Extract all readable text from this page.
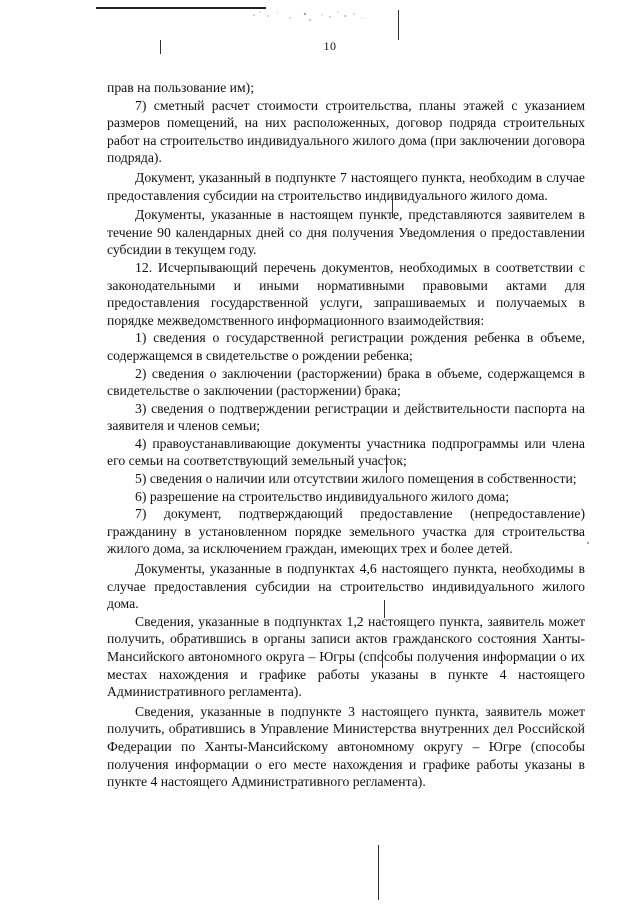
10

прав на пользование им);

7) сметный расчет стоимости строительства, планы этажей с указанием размеров помещений, на них расположенных, договор подряда строительных работ на строительство индивидуального жилого дома (при заключении договора подряда).

Документ, указанный в подпункте 7 настоящего пункта, необходим в случае предоставления субсидии на строительство индивидуального жилого дома.

Документы, указанные в настоящем пункте, представляются заявителем в течение 90 календарных дней со дня получения Уведомления о предоставлении субсидии в текущем году.

12. Исчерпывающий перечень документов, необходимых в соответствии с законодательными и иными нормативными правовыми актами для предоставления государственной услуги, запрашиваемых и получаемых в порядке межведомственного информационного взаимодействия:

1) сведения о государственной регистрации рождения ребенка в объеме, содержащемся в свидетельстве о рождении ребенка;

2) сведения о заключении (расторжении) брака в объеме, содержащемся в свидетельстве о заключении (расторжении) брака;

3) сведения о подтверждении регистрации и действительности паспорта на заявителя и членов семьи;

4) правоустанавливающие документы участника подпрограммы или члена его семьи на соответствующий земельный участок;

5) сведения о наличии или отсутствии жилого помещения в собственности;

6) разрешение на строительство индивидуального жилого дома;

7) документ, подтверждающий предоставление (непредоставление) гражданину в установленном порядке земельного участка для строительства жилого дома, за исключением граждан, имеющих трех и более детей.

Документы, указанные в подпунктах 4,6 настоящего пункта, необходимы в случае предоставления субсидии на строительство индивидуального жилого дома.

Сведения, указанные в подпунктах 1,2 настоящего пункта, заявитель может получить, обратившись в органы записи актов гражданского состояния Ханты-Мансийского автономного округа – Югры (способы получения информации о их местах нахождения и графике работы указаны в пункте 4 настоящего Административного регламента).

Сведения, указанные в подпункте 3 настоящего пункта, заявитель может получить, обратившись в Управление Министерства внутренних дел Российской Федерации по Ханты-Мансийскому автономному округу – Югре (способы получения информации о его месте нахождения и графике работы указаны в пункте 4 настоящего Административного регламента).
